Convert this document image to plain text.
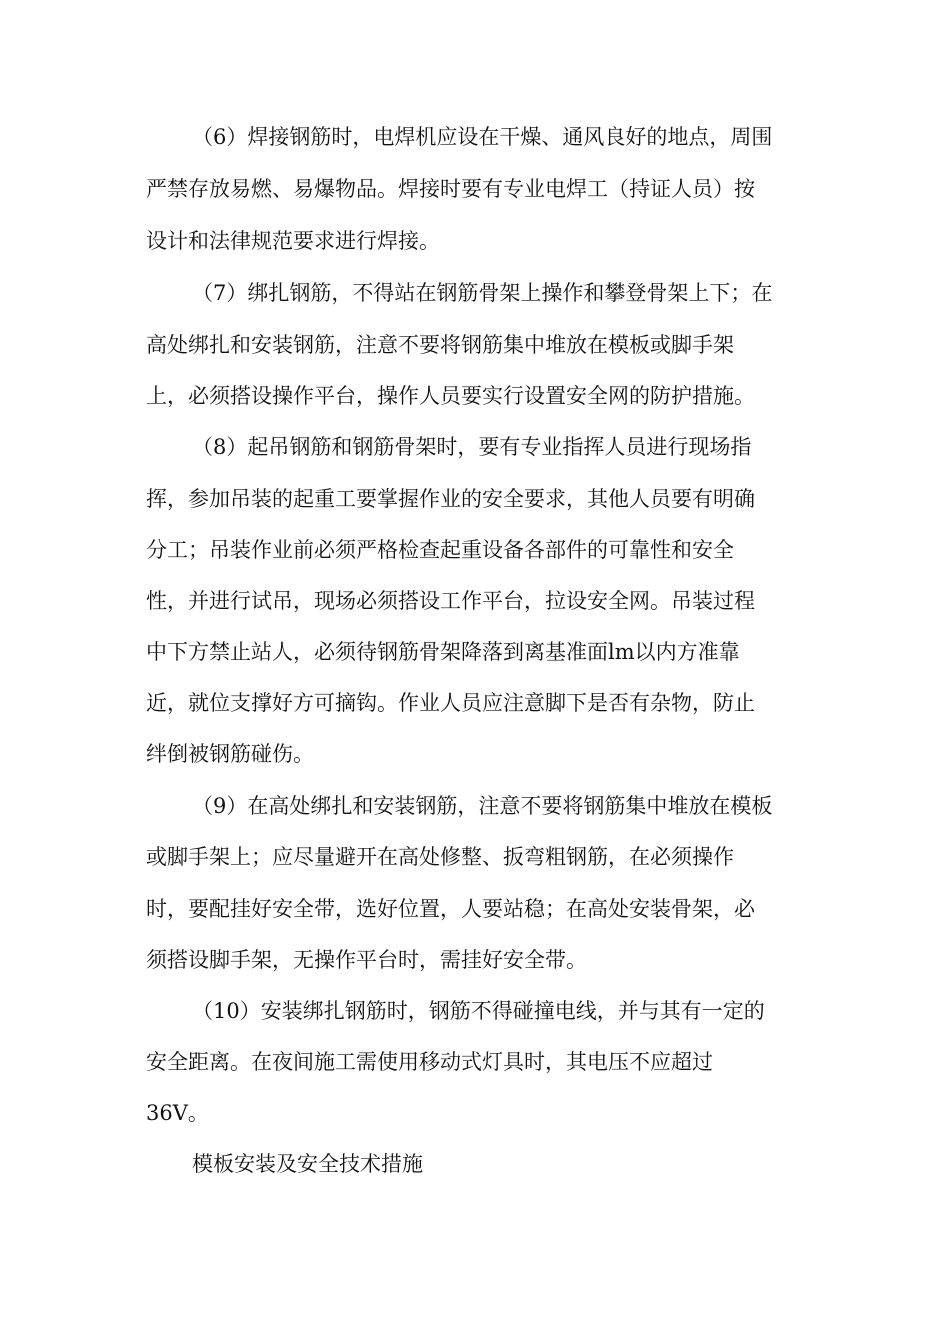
（6）焊接钢筋时，电焊机应设在干燥、通风良好的地点，周围
严禁存放易燃、易爆物品。焊接时要有专业电焊工（持证人员）按
设计和法律规范要求进行焊接。
（7）绑扎钢筋，不得站在钢筋骨架上操作和攀登骨架上下；在
高处绑扎和安装钢筋，注意不要将钢筋集中堆放在模板或脚手架
上，必须搭设操作平台，操作人员要实行设置安全网的防护措施。
（8）起吊钢筋和钢筋骨架时，要有专业指挥人员进行现场指
挥，参加吊装的起重工要掌握作业的安全要求，其他人员要有明确
分工；吊装作业前必须严格检查起重设备各部件的可靠性和安全
性，并进行试吊，现场必须搭设工作平台，拉设安全网。吊装过程
中下方禁止站人，必须待钢筋骨架降落到离基准面lm以内方准靠
近，就位支撑好方可摘钩。作业人员应注意脚下是否有杂物，防止
绊倒被钢筋碰伤。
（9）在高处绑扎和安装钢筋，注意不要将钢筋集中堆放在模板
或脚手架上；应尽量避开在高处修整、扳弯粗钢筋，在必须操作
时，要配挂好安全带，选好位置，人要站稳；在高处安装骨架，必
须搭设脚手架，无操作平台时，需挂好安全带。
（10）安装绑扎钢筋时，钢筋不得碰撞电线，并与其有一定的
安全距离。在夜间施工需使用移动式灯具时，其电压不应超过
36V。
模板安装及安全技术措施
